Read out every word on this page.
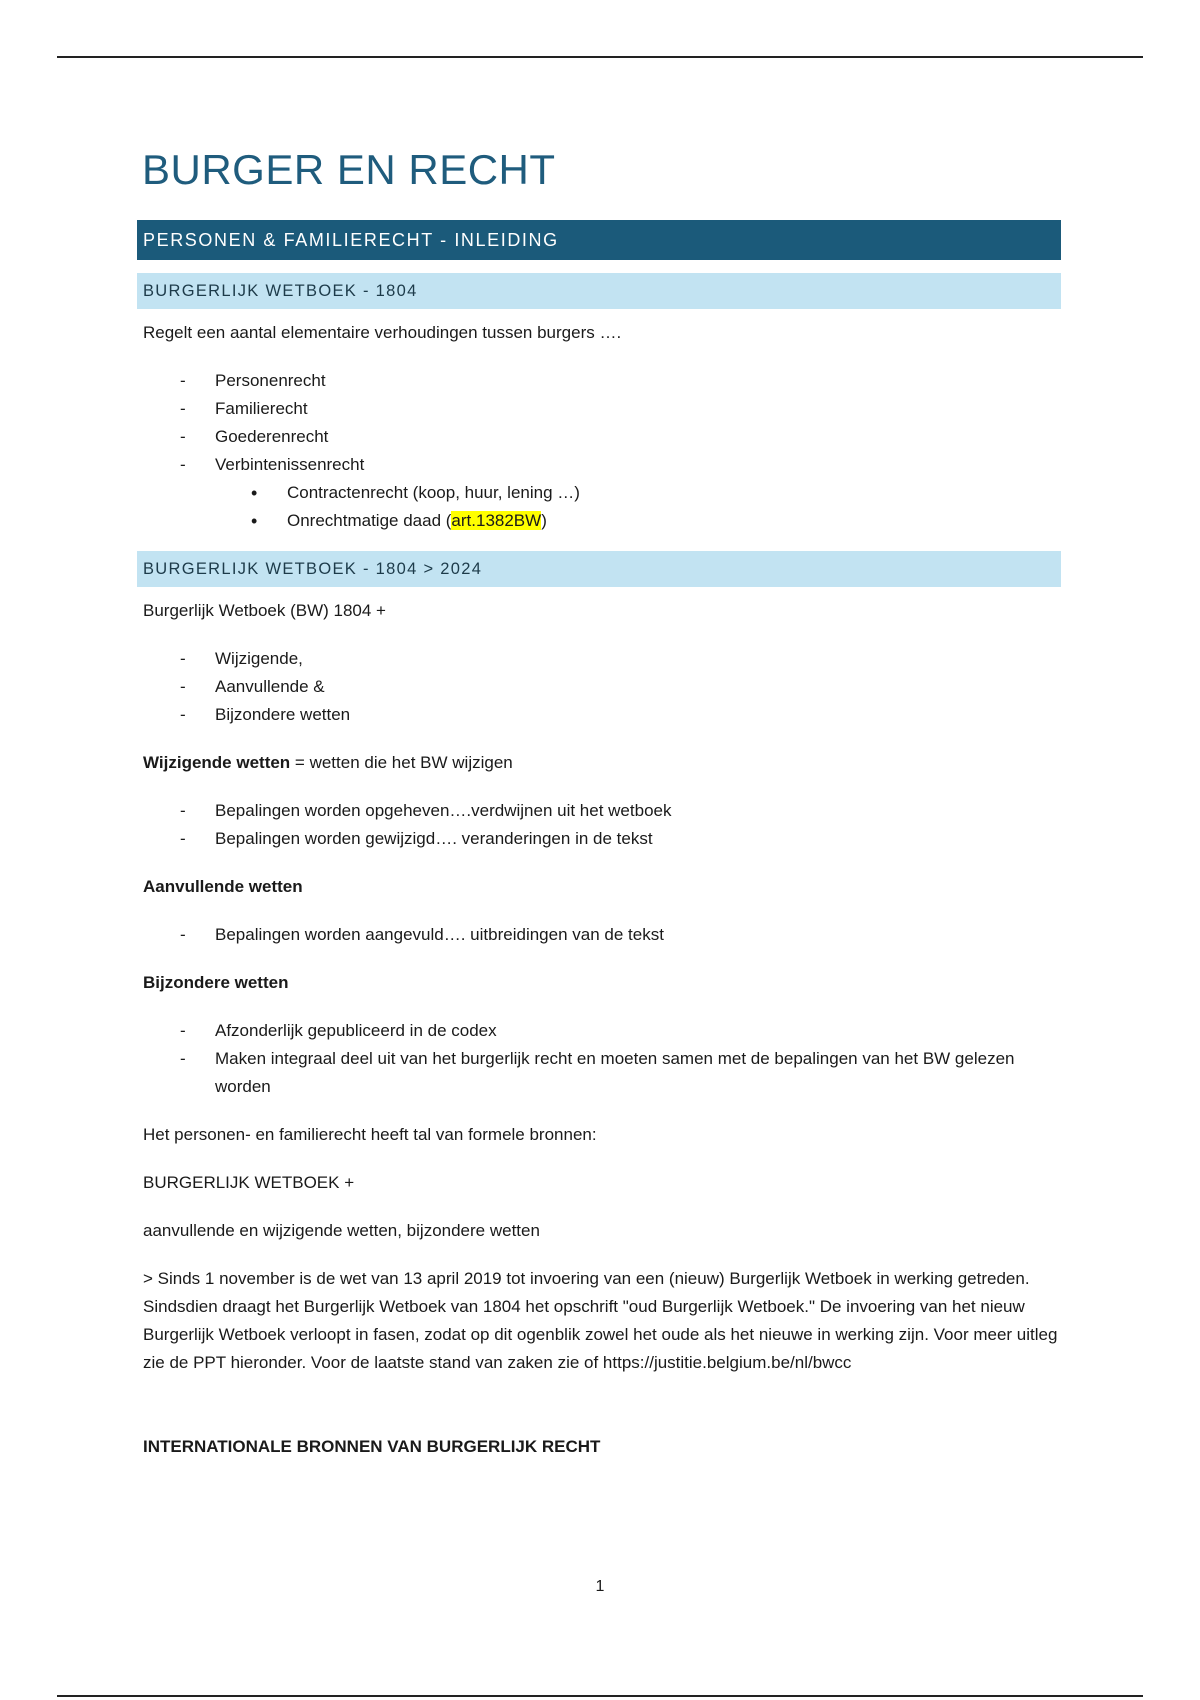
BURGER EN RECHT
PERSONEN & FAMILIERECHT - INLEIDING
BURGERLIJK WETBOEK - 1804

Regelt een aantal elementaire verhoudingen tussen burgers ….

- Personenrecht
- Familierecht
- Goederenrecht
- Verbintenissenrecht
• Contractenrecht (koop, huur, lening …)
• Onrechtmatige daad (art.1382BW)
BURGERLIJK WETBOEK - 1804 > 2024

Burgerlijk Wetboek (BW) 1804 +

- Wijzigende,
- Aanvullende &
- Bijzondere wetten

Wijzigende wetten = wetten die het BW wijzigen

- Bepalingen worden opgeheven….verdwijnen uit het wetboek
- Bepalingen worden gewijzigd…. veranderingen in de tekst

Aanvullende wetten

- Bepalingen worden aangevuld…. uitbreidingen van de tekst

Bijzondere wetten

- Afzonderlijk gepubliceerd in de codex
- Maken integraal deel uit van het burgerlijk recht en moeten samen met de bepalingen van het BW gelezen worden

Het personen- en familierecht heeft tal van formele bronnen:

BURGERLIJK WETBOEK +

aanvullende en wijzigende wetten, bijzondere wetten

> Sinds 1 november is de wet van 13 april 2019 tot invoering van een (nieuw) Burgerlijk Wetboek in werking getreden. Sindsdien draagt het Burgerlijk Wetboek van 1804 het opschrift "oud Burgerlijk Wetboek." De invoering van het nieuw Burgerlijk Wetboek verloopt in fasen, zodat op dit ogenblik zowel het oude als het nieuwe in werking zijn. Voor meer uitleg zie de PPT hieronder. Voor de laatste stand van zaken zie of https://justitie.belgium.be/nl/bwcc

INTERNATIONALE BRONNEN VAN BURGERLIJK RECHT

1
